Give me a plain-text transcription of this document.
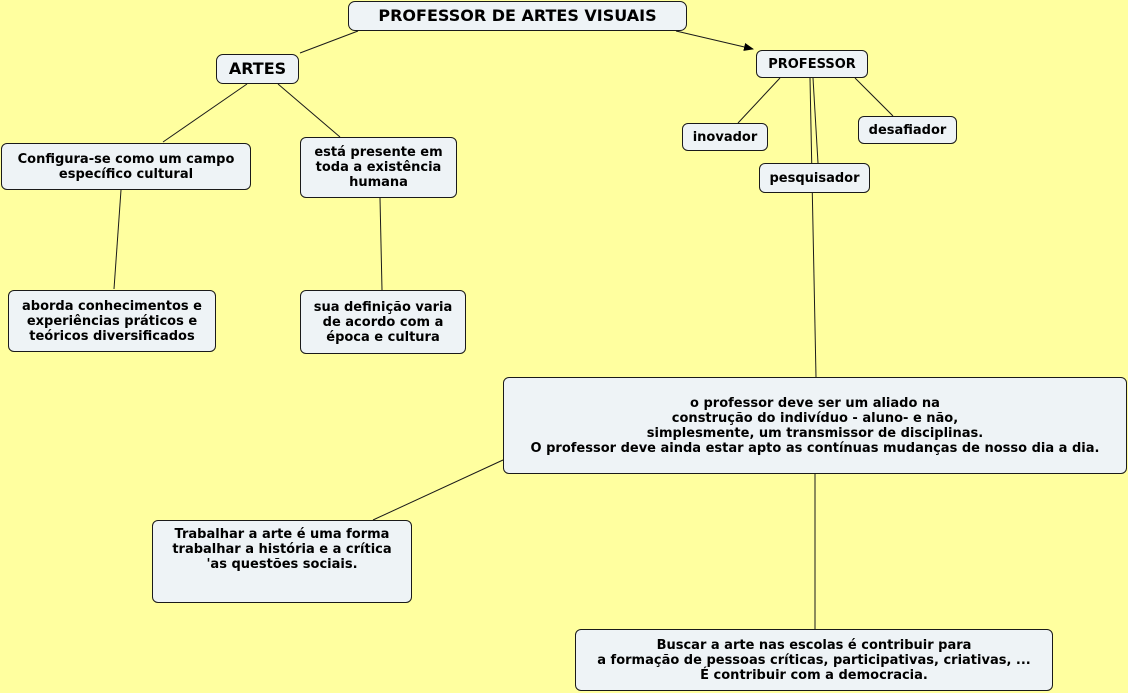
PROFESSOR DE ARTES VISUAIS
ARTES	PROFESSOR
Configura-se como um campo
específico cultural
está presente em
toda a existência
humana
aborda conhecimentos e
experiências práticos e
teóricos diversificados
sua definição varia
de acordo com a
época e cultura
inovador	desafiador
pesquisador
o professor deve ser um aliado na
construção do indivíduo - aluno- e não,
simplesmente, um transmissor de disciplinas.
O professor deve ainda estar apto as contínuas mudanças de nosso dia a dia.
Trabalhar a arte é uma forma
trabalhar a história e a crítica
'as questões sociais.
Buscar a arte nas escolas é contribuir para
a formação de pessoas críticas, participativas, criativas, ...
É contribuir com a democracia.
